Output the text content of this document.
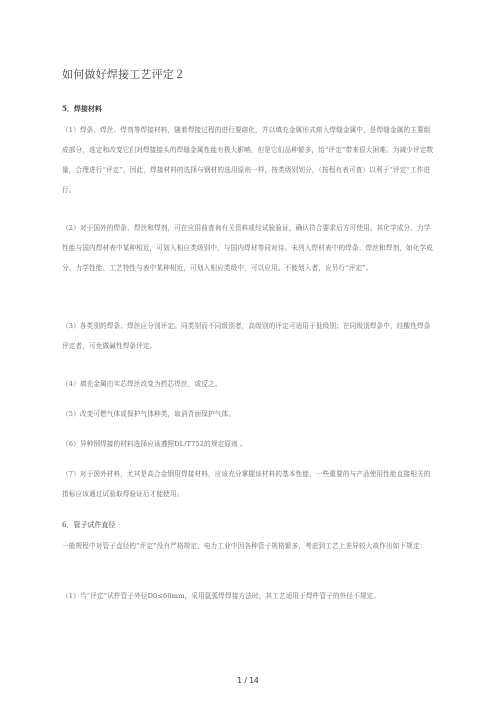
如何做好焊接工艺评定２
5．焊接材料
（1）焊条、焊丝、焊剂等焊接材料，随着焊接过程的进行要熔化，并以填充金属形式熔入焊缝金属中，是焊缝金属的主要组成部分，选定和改变它们对焊接接头的焊缝金属性能有极大影响，但是它们品种繁多，给“评定”带来很大困难。为减少评定数量，合理进行“评定”，因此，焊接材料的选择与钢材的选用原则一样，按类级别划分，（按程有表可查）以利于“评定”工作进行。
（2）对于国外的焊条、焊丝和焊剂，可在应用前查询有关资料或经试验验证，确认符合要求后方可使用。其化学成分、力学性能与国内焊材表中某种相近，可划入相应类级别中，与国内焊材等同对待。未列入焊材表中的焊条、焊丝和焊剂，如化学成分、力学性能、工艺特性与表中某种相近，可划入相应类级中，可以应用。不能划入者，应另行“评定”。
（3）各类别的焊条、焊丝应分别评定。同类别而不同级别者，高级别的评定可适用于低级别；在同级别焊条中，经酸性焊条评定者，可免做碱性焊条评定。
（4）填充金属由实芯焊丝改变为药芯焊丝，或反之。
（5）改变可燃气体或保护气体种类，取消背面保护气体。
（6）异种钢焊接的材料选择应该遵照DL/T752的规定原则 。
（7）对于国外材料，尤其是高合金钢用焊接材料，应该充分掌握该材料的基本性能，一些重要的与产品使用性能直接相关的指标应该通过试验取得验证后才能使用。
6．管子试件直径
一般规程中对管子直径的“评定”没有严格规定，电力工业中因各种管子规格繁多，考虑到工艺上差异较大故作出如下规定：
（1）当“评定”试件管子外径D0≤60mm，采用氩弧焊焊接方法时，其工艺适用于焊件管子的外径不规定。
1 / 14
